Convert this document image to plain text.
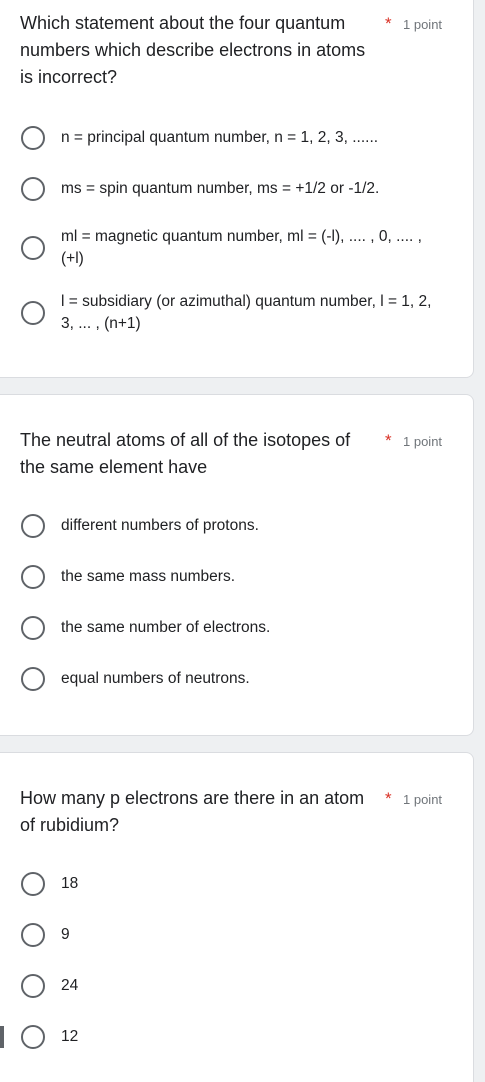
Which statement about the four quantum numbers which describe electrons in atoms is incorrect?
* 1 point
n = principal quantum number, n = 1, 2, 3, ......
ms = spin quantum number, ms = +1/2 or -1/2.
ml = magnetic quantum number, ml = (-l), .... , 0, .... , (+l)
l = subsidiary (or azimuthal) quantum number, l = 1, 2, 3, ... , (n+1)
The neutral atoms of all of the isotopes of the same element have
* 1 point
different numbers of protons.
the same mass numbers.
the same number of electrons.
equal numbers of neutrons.
How many p electrons are there in an atom of rubidium?
* 1 point
18
9
24
12
